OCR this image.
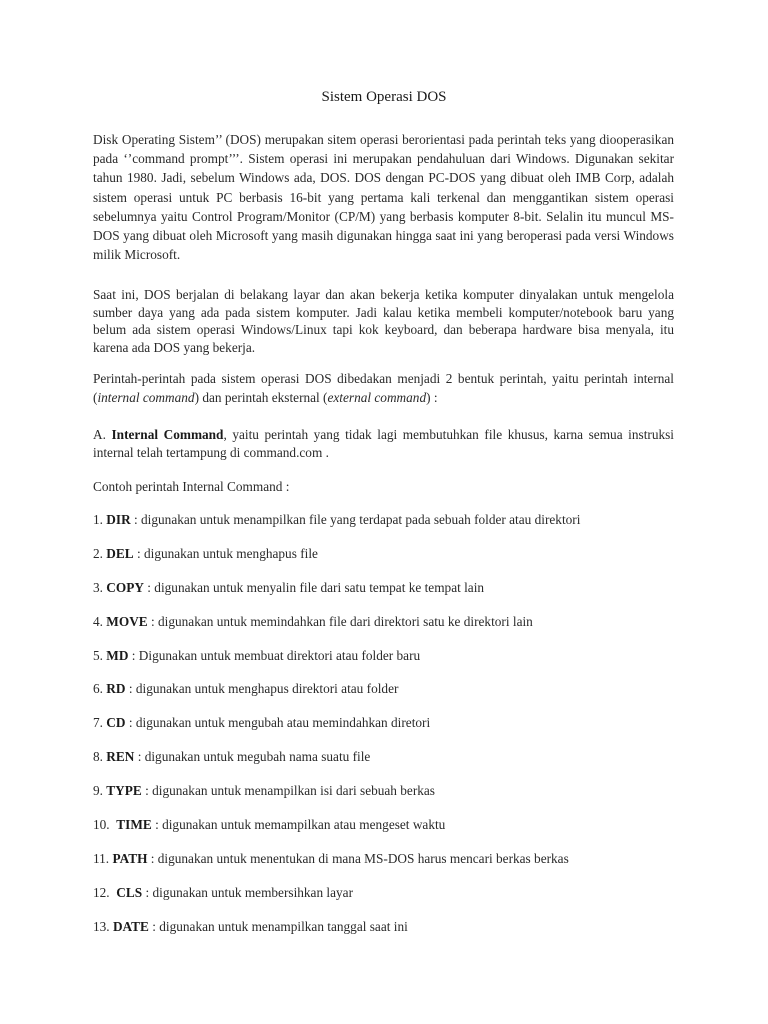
Sistem Operasi DOS

Disk Operating Sistem’’ (DOS) merupakan sitem operasi berorientasi pada perintah teks yang diooperasikan pada ‘’command prompt’’’. Sistem operasi ini merupakan pendahuluan dari Windows. Digunakan sekitar tahun 1980. Jadi, sebelum Windows ada, DOS. DOS dengan PC-DOS yang dibuat oleh IMB Corp, adalah sistem operasi untuk PC berbasis 16-bit yang pertama kali terkenal dan menggantikan sistem operasi sebelumnya yaitu Control Program/Monitor (CP/M) yang berbasis komputer 8-bit. Selalin itu muncul MS-DOS yang dibuat oleh Microsoft yang masih digunakan hingga saat ini yang beroperasi pada versi Windows milik Microsoft.

Saat ini, DOS berjalan di belakang layar dan akan bekerja ketika komputer dinyalakan untuk mengelola sumber daya yang ada pada sistem komputer. Jadi kalau ketika membeli komputer/notebook baru yang belum ada sistem operasi Windows/Linux tapi kok keyboard, dan beberapa hardware bisa menyala, itu karena ada DOS yang bekerja.

Perintah-perintah pada sistem operasi DOS dibedakan menjadi 2 bentuk perintah, yaitu perintah internal (internal command) dan perintah eksternal (external command) :

A. Internal Command, yaitu perintah yang tidak lagi membutuhkan file khusus, karna semua instruksi internal telah tertampung di command.com .

Contoh perintah Internal Command :

1. DIR : digunakan untuk menampilkan file yang terdapat pada sebuah folder atau direktori
2. DEL : digunakan untuk menghapus file
3. COPY : digunakan untuk menyalin file dari satu tempat ke tempat lain
4. MOVE : digunakan untuk memindahkan file dari direktori satu ke direktori lain
5. MD : Digunakan untuk membuat direktori atau folder baru
6. RD : digunakan untuk menghapus direktori atau folder
7. CD : digunakan untuk mengubah atau memindahkan diretori
8. REN : digunakan untuk megubah nama suatu file
9. TYPE : digunakan untuk menampilkan isi dari sebuah berkas
10.  TIME : digunakan untuk memampilkan atau mengeset waktu
11. PATH : digunakan untuk menentukan di mana MS-DOS harus mencari berkas berkas
12.  CLS : digunakan untuk membersihkan layar
13. DATE : digunakan untuk menampilkan tanggal saat ini
